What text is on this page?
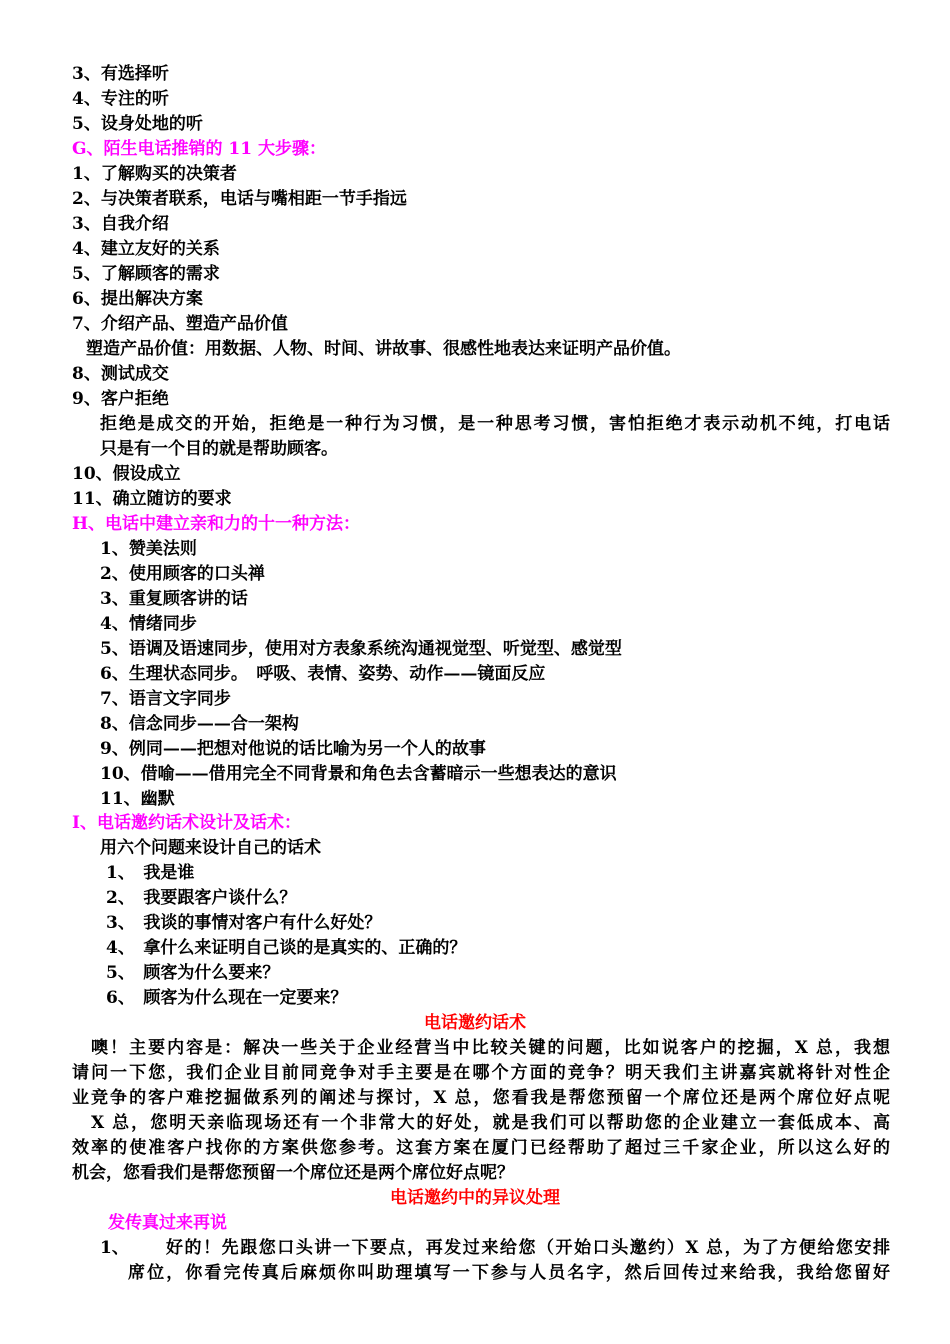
3、有选择听
4、专注的听
5、设身处地的听
G、陌生电话推销的 11 大步骤：
1、了解购买的决策者
2、与决策者联系，电话与嘴相距一节手指远
3、自我介绍
4、建立友好的关系
5、了解顾客的需求
6、提出解决方案
7、介绍产品、塑造产品价值
塑造产品价值：用数据、人物、时间、讲故事、很感性地表达来证明产品价值。
8、测试成交
9、客户拒绝
拒绝是成交的开始，拒绝是一种行为习惯，是一种思考习惯，害怕拒绝才表示动机不纯，打电话
只是有一个目的就是帮助顾客。
10、假设成立
11、确立随访的要求
H、电话中建立亲和力的十一种方法：
1、赞美法则
2、使用顾客的口头禅
3、重复顾客讲的话
4、情绪同步
5、语调及语速同步，使用对方表象系统沟通视觉型、听觉型、感觉型
6、生理状态同步。　呼吸、表情、姿势、动作——镜面反应
7、语言文字同步
8、信念同步——合一架构
9、例同——把想对他说的话比喻为另一个人的故事
10、借喻——借用完全不同背景和角色去含蓄暗示一些想表达的意识
11、幽默
I、电话邀约话术设计及话术：
用六个问题来设计自己的话术
1、　我是谁
2、　我要跟客户谈什么？
3、　我谈的事情对客户有什么好处？
4、　拿什么来证明自己谈的是真实的、正确的？
5、　顾客为什么要来？
6、　顾客为什么现在一定要来？
电话邀约话术
　噢！主要内容是：解决一些关于企业经营当中比较关键的问题，比如说客户的挖掘，X 总，我想
请问一下您，我们企业目前同竞争对手主要是在哪个方面的竞争？明天我们主讲嘉宾就将针对性企
业竞争的客户难挖掘做系列的阐述与探讨，X 总，您看我是帮您预留一个席位还是两个席位好点呢
　X 总，您明天亲临现场还有一个非常大的好处，就是我们可以帮助您的企业建立一套低成本、高
效率的使准客户找你的方案供您参考。这套方案在厦门已经帮助了超过三千家企业，所以这么好的
机会，您看我们是帮您预留一个席位还是两个席位好点呢？
电话邀约中的异议处理
发传真过来再说
1、 好的！先跟您口头讲一下要点，再发过来给您（开始口头邀约）X 总，为了方便给您安排
席位，你看完传真后麻烦你叫助理填写一下参与人员名字，然后回传过来给我，我给您留好
